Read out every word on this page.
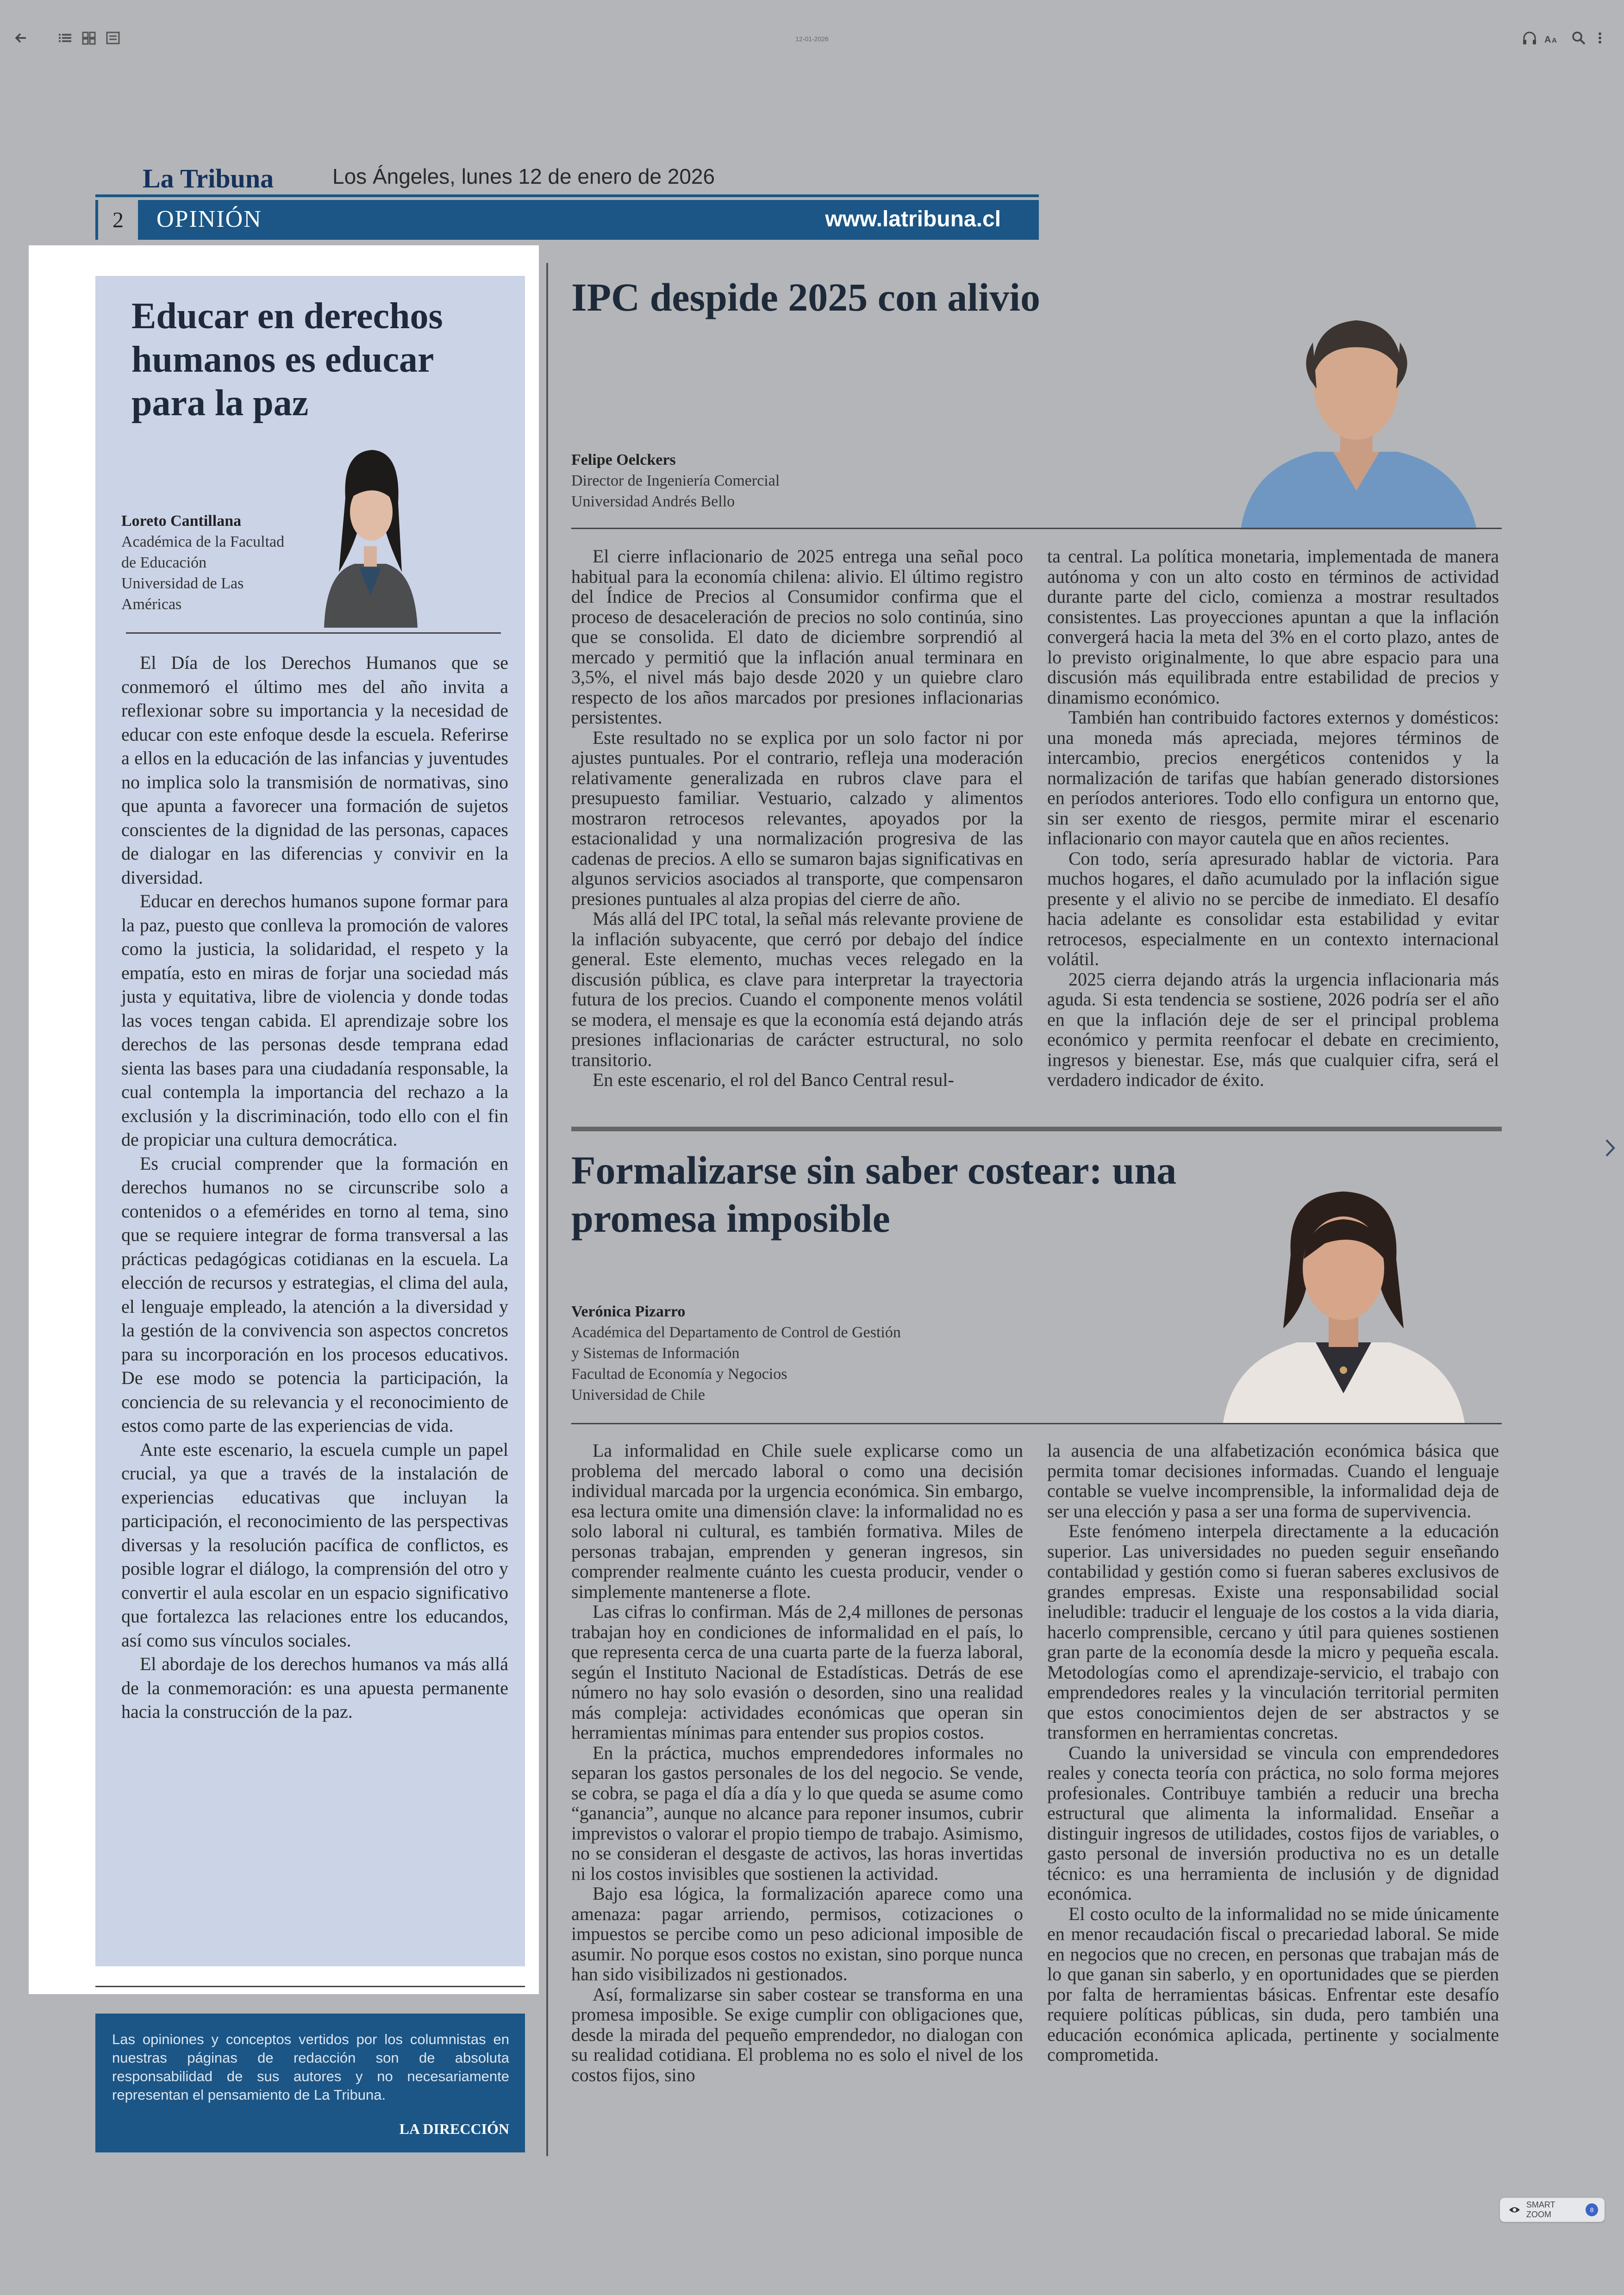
12-01-2026	A A
La Tribuna	Los Ángeles, lunes 12 de enero de 2026
2	OPINIÓN	www.latribuna.cl
Educar en derechos humanos es educar para la paz
Loreto Cantillana
Académica de la Facultad
de Educación
Universidad de Las
Américas

El Día de los Derechos Humanos que se conmemoró el último mes del año invita a reflexionar sobre su importancia y la necesidad de educar con este enfoque desde la escuela. Referirse a ellos en la educación de las infancias y juventudes no implica solo la transmisión de normativas, sino que apunta a favorecer una formación de sujetos conscientes de la dignidad de las personas, capaces de dialogar en las diferencias y convivir en la diversidad.

Educar en derechos humanos supone formar para la paz, puesto que conlleva la promoción de valores como la justicia, la solidaridad, el respeto y la empatía, esto en miras de forjar una sociedad más justa y equitativa, libre de violencia y donde todas las voces tengan cabida. El aprendizaje sobre los derechos de las personas desde temprana edad sienta las bases para una ciudadanía responsable, la cual contempla la importancia del rechazo a la exclusión y la discriminación, todo ello con el fin de propiciar una cultura democrática.

Es crucial comprender que la formación en derechos humanos no se circunscribe solo a contenidos o a efemérides en torno al tema, sino que se requiere integrar de forma transversal a las prácticas pedagógicas cotidianas en la escuela. La elección de recursos y estrategias, el clima del aula, el lenguaje empleado, la atención a la diversidad y la gestión de la convivencia son aspectos concretos para su incorporación en los procesos educativos. De ese modo se potencia la participación, la conciencia de su relevancia y el reconocimiento de estos como parte de las experiencias de vida.

Ante este escenario, la escuela cumple un papel crucial, ya que a través de la instalación de experiencias educativas que incluyan la participación, el reconocimiento de las perspectivas diversas y la resolución pacífica de conflictos, es posible lograr el diálogo, la comprensión del otro y convertir el aula escolar en un espacio significativo que fortalezca las relaciones entre los educandos, así como sus vínculos sociales.

El abordaje de los derechos humanos va más allá de la conmemoración: es una apuesta permanente hacia la construcción de la paz.

Las opiniones y conceptos vertidos por los columnistas en nuestras páginas de redacción son de absoluta responsabilidad de sus autores y no necesariamente representan el pensamiento de La Tribuna.
LA DIRECCIÓN
IPC despide 2025 con alivio
Felipe Oelckers
Director de Ingeniería Comercial
Universidad Andrés Bello

El cierre inflacionario de 2025 entrega una señal poco habitual para la economía chilena: alivio. El último registro del Índice de Precios al Consumidor confirma que el proceso de desaceleración de precios no solo continúa, sino que se consolida. El dato de diciembre sorprendió al mercado y permitió que la inflación anual terminara en 3,5%, el nivel más bajo desde 2020 y un quiebre claro respecto de los años marcados por presiones inflacionarias persistentes.

Este resultado no se explica por un solo factor ni por ajustes puntuales. Por el contrario, refleja una moderación relativamente generalizada en rubros clave para el presupuesto familiar. Vestuario, calzado y alimentos mostraron retrocesos relevantes, apoyados por la estacionalidad y una normalización progresiva de las cadenas de precios. A ello se sumaron bajas significativas en algunos servicios asociados al transporte, que compensaron presiones puntuales al alza propias del cierre de año.

Más allá del IPC total, la señal más relevante proviene de la inflación subyacente, que cerró por debajo del índice general. Este elemento, muchas veces relegado en la discusión pública, es clave para interpretar la trayectoria futura de los precios. Cuando el componente menos volátil se modera, el mensaje es que la economía está dejando atrás presiones inflacionarias de carácter estructural, no solo transitorio.

En este escenario, el rol del Banco Central resul-

ta central. La política monetaria, implementada de manera autónoma y con un alto costo en términos de actividad durante parte del ciclo, comienza a mostrar resultados consistentes. Las proyecciones apuntan a que la inflación convergerá hacia la meta del 3% en el corto plazo, antes de lo previsto originalmente, lo que abre espacio para una discusión más equilibrada entre estabilidad de precios y dinamismo económico.

También han contribuido factores externos y domésticos: una moneda más apreciada, mejores términos de intercambio, precios energéticos contenidos y la normalización de tarifas que habían generado distorsiones en períodos anteriores. Todo ello configura un entorno que, sin ser exento de riesgos, permite mirar el escenario inflacionario con mayor cautela que en años recientes.

Con todo, sería apresurado hablar de victoria. Para muchos hogares, el daño acumulado por la inflación sigue presente y el alivio no se percibe de inmediato. El desafío hacia adelante es consolidar esta estabilidad y evitar retrocesos, especialmente en un contexto internacional volátil.

2025 cierra dejando atrás la urgencia inflacionaria más aguda. Si esta tendencia se sostiene, 2026 podría ser el año en que la inflación deje de ser el principal problema económico y permita reenfocar el debate en crecimiento, ingresos y bienestar. Ese, más que cualquier cifra, será el verdadero indicador de éxito.

Formalizarse sin saber costear: una promesa imposible
Verónica Pizarro
Académica del Departamento de Control de Gestión
y Sistemas de Información
Facultad de Economía y Negocios
Universidad de Chile

La informalidad en Chile suele explicarse como un problema del mercado laboral o como una decisión individual marcada por la urgencia económica. Sin embargo, esa lectura omite una dimensión clave: la informalidad no es solo laboral ni cultural, es también formativa. Miles de personas trabajan, emprenden y generan ingresos, sin comprender realmente cuánto les cuesta producir, vender o simplemente mantenerse a flote.

Las cifras lo confirman. Más de 2,4 millones de personas trabajan hoy en condiciones de informalidad en el país, lo que representa cerca de una cuarta parte de la fuerza laboral, según el Instituto Nacional de Estadísticas. Detrás de ese número no hay solo evasión o desorden, sino una realidad más compleja: actividades económicas que operan sin herramientas mínimas para entender sus propios costos.

En la práctica, muchos emprendedores informales no separan los gastos personales de los del negocio. Se vende, se cobra, se paga el día a día y lo que queda se asume como “ganancia”, aunque no alcance para reponer insumos, cubrir imprevistos o valorar el propio tiempo de trabajo. Asimismo, no se consideran el desgaste de activos, las horas invertidas ni los costos invisibles que sostienen la actividad.

Bajo esa lógica, la formalización aparece como una amenaza: pagar arriendo, permisos, cotizaciones o impuestos se percibe como un peso adicional imposible de asumir. No porque esos costos no existan, sino porque nunca han sido visibilizados ni gestionados.

Así, formalizarse sin saber costear se transforma en una promesa imposible. Se exige cumplir con obligaciones que, desde la mirada del pequeño emprendedor, no dialogan con su realidad cotidiana. El problema no es solo el nivel de los costos fijos, sino

la ausencia de una alfabetización económica básica que permita tomar decisiones informadas. Cuando el lenguaje contable se vuelve incomprensible, la informalidad deja de ser una elección y pasa a ser una forma de supervivencia.

Este fenómeno interpela directamente a la educación superior. Las universidades no pueden seguir enseñando contabilidad y gestión como si fueran saberes exclusivos de grandes empresas. Existe una responsabilidad social ineludible: traducir el lenguaje de los costos a la vida diaria, hacerlo comprensible, cercano y útil para quienes sostienen gran parte de la economía desde la micro y pequeña escala. Metodologías como el aprendizaje-servicio, el trabajo con emprendedores reales y la vinculación territorial permiten que estos conocimientos dejen de ser abstractos y se transformen en herramientas concretas.

Cuando la universidad se vincula con emprendedores reales y conecta teoría con práctica, no solo forma mejores profesionales. Contribuye también a reducir una brecha estructural que alimenta la informalidad. Enseñar a distinguir ingresos de utilidades, costos fijos de variables, o gasto personal de inversión productiva no es un detalle técnico: es una herramienta de inclusión y de dignidad económica.

El costo oculto de la informalidad no se mide únicamente en menor recaudación fiscal o precariedad laboral. Se mide en negocios que no crecen, en personas que trabajan más de lo que ganan sin saberlo, y en oportunidades que se pierden por falta de herramientas básicas. Enfrentar este desafío requiere políticas públicas, sin duda, pero también una educación económica aplicada, pertinente y socialmente comprometida.

SMART ZOOM	8
